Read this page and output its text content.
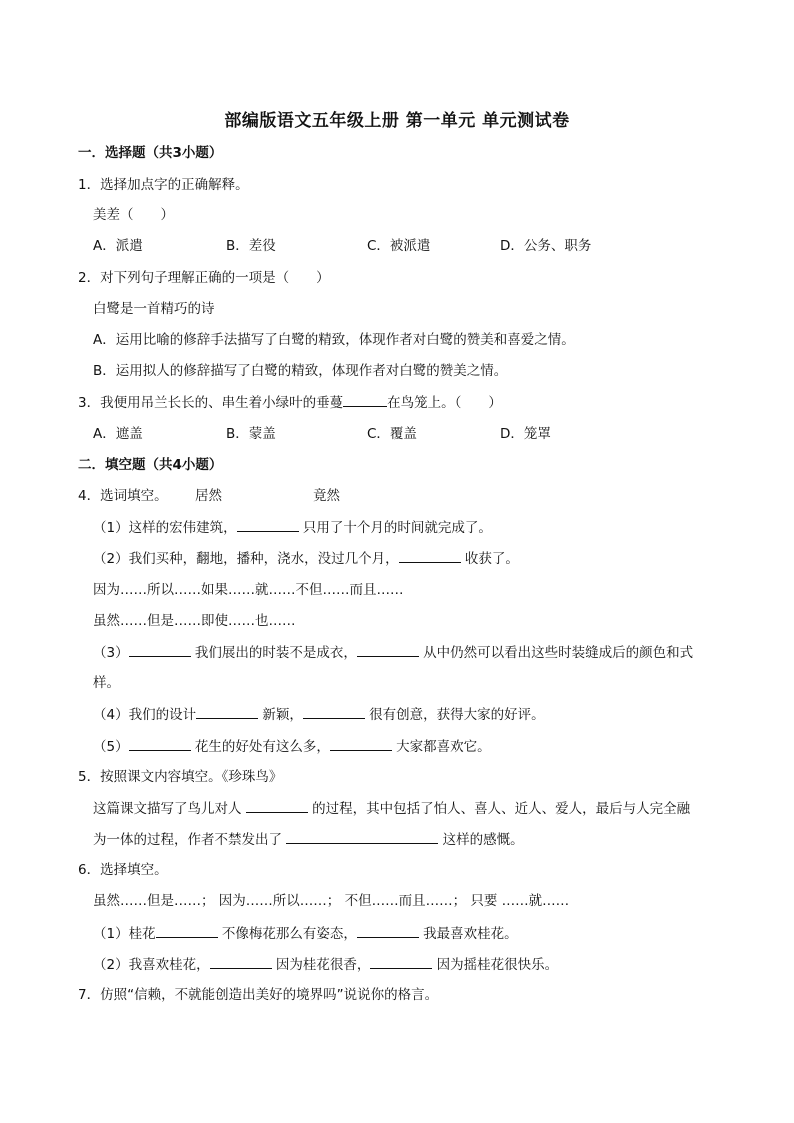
部编版语文五年级上册 第一单元 单元测试卷
一．选择题（共3小题）
1．选择加点字的正确解释。
美差（　　）
A．派遣	B．差役	C．被派遣	D．公务、职务
2．对下列句子理解正确的一项是（　　）
白鹭是一首精巧的诗
A．运用比喻的修辞手法描写了白鹭的精致，体现作者对白鹭的赞美和喜爱之情。
B．运用拟人的修辞描写了白鹭的精致，体现作者对白鹭的赞美之情。
3．我便用吊兰长长的、串生着小绿叶的垂蔓	在鸟笼上。（　　）
A．遮盖	B．蒙盖	C．覆盖	D．笼罩
二．填空题（共4小题）
4．选词填空。 居然	竟然
（1）这样的宏伟建筑，	只用了十个月的时间就完成了。
（2）我们买种，翻地，播种，浇水，没过几个月，	收获了。
因为……所以……如果……就……不但……而且……
虽然……但是……即使……也……
（3）	我们展出的时装不是成衣，	从中仍然可以看出这些时装缝成后的颜色和式
样。
（4）我们的设计	新颖，	很有创意，获得大家的好评。
（5）	花生的好处有这么多，	大家都喜欢它。
5．按照课文内容填空。《珍珠鸟》
这篇课文描写了鸟儿对人	的过程，其中包括了怕人、喜人、近人、爱人，最后与人完全融
为一体的过程，作者不禁发出了	这样的感慨。
6．选择填空。
虽然……但是……； 因为……所以……； 不但……而且……； 只要 ……就……
（1）桂花	不像梅花那么有姿态，	我最喜欢桂花。
（2）我喜欢桂花，	因为桂花很香，	因为摇桂花很快乐。
7．仿照“信赖，不就能创造出美好的境界吗”说说你的格言。
